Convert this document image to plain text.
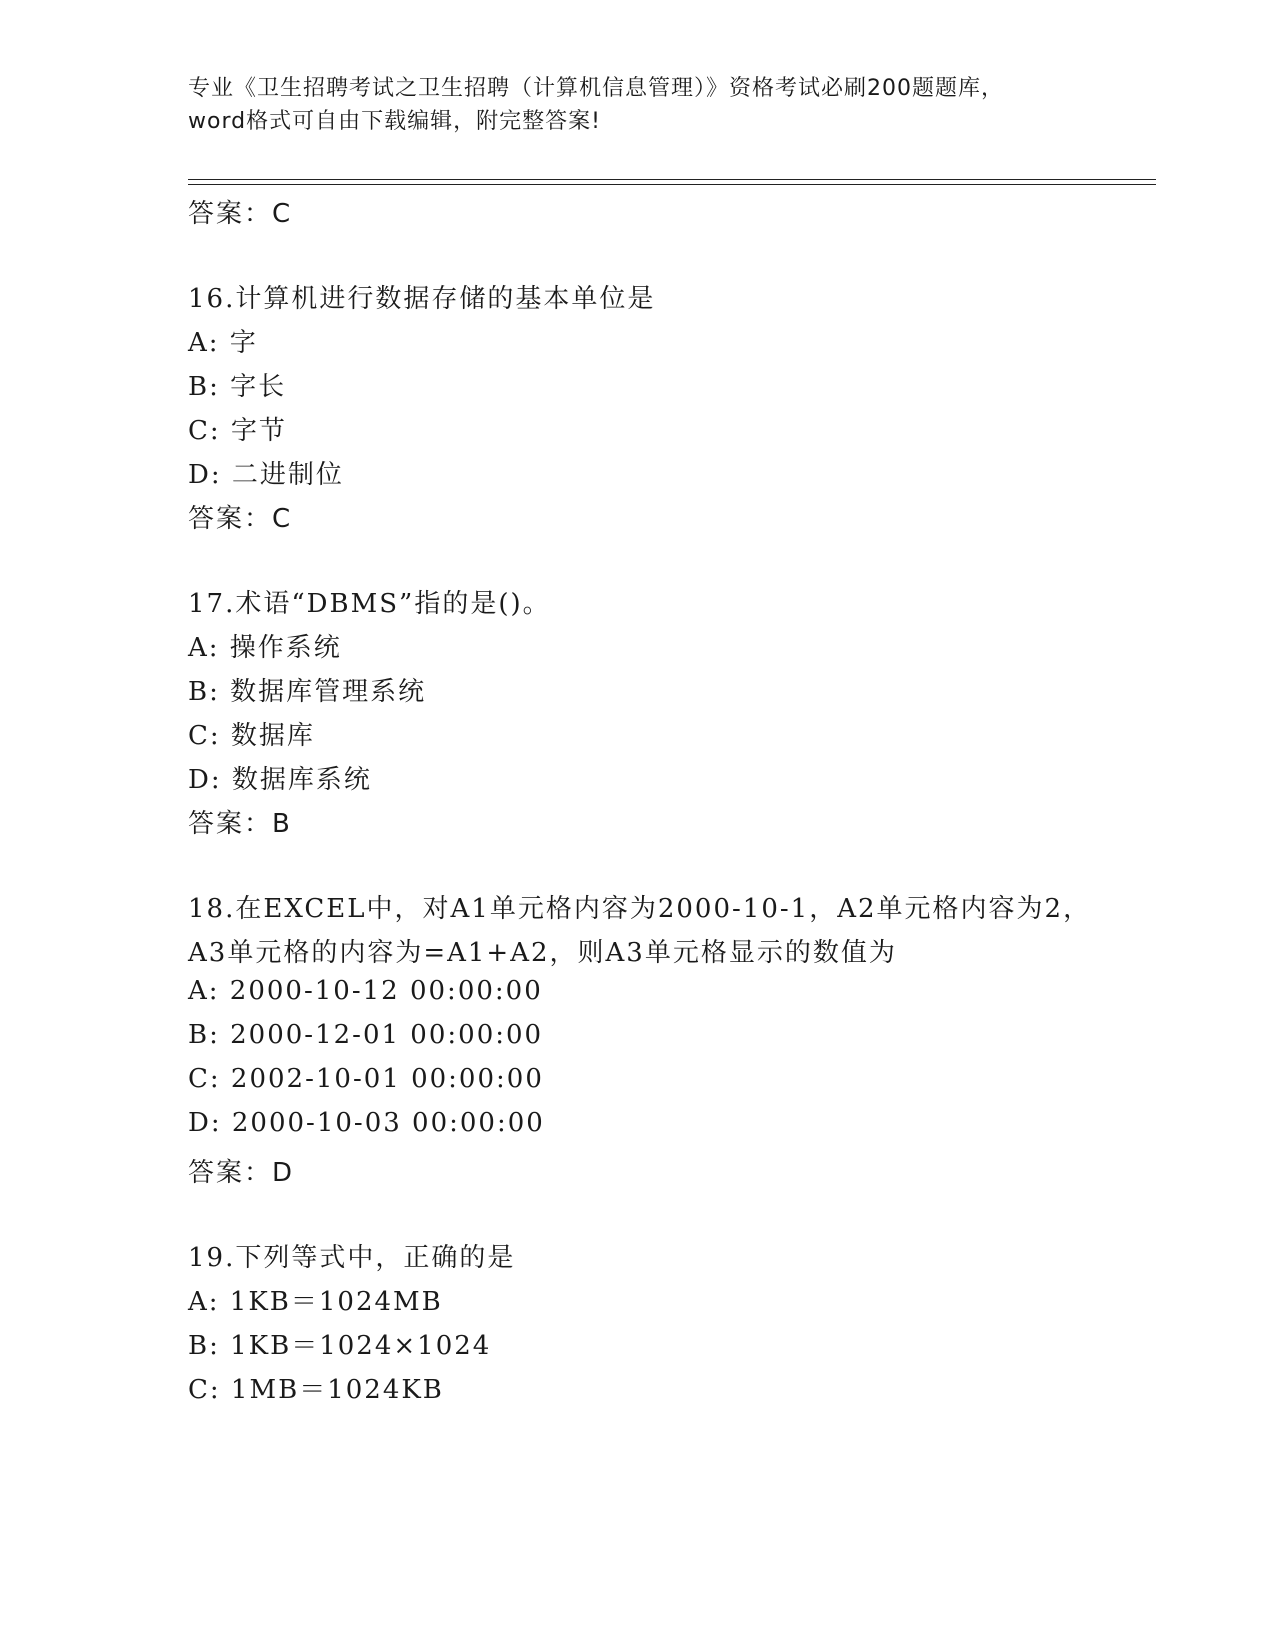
专业《卫生招聘考试之卫生招聘（计算机信息管理）》资格考试必刷200题题库，
word格式可自由下载编辑，附完整答案!
答案：C
16.计算机进行数据存储的基本单位是
A: 字
B: 字长
C: 字节
D: 二进制位
答案：C
17.术语“DBMS”指的是()。
A: 操作系统
B: 数据库管理系统
C: 数据库
D: 数据库系统
答案：B
18.在EXCEL中，对A1单元格内容为2000-10-1，A2单元格内容为2，
A3单元格的内容为=A1+A2，则A3单元格显示的数值为
A: 2000-10-12 00:00:00
B: 2000-12-01 00:00:00
C: 2002-10-01 00:00:00
D: 2000-10-03 00:00:00
答案：D
19.下列等式中，正确的是
A: 1KB＝1024MB
B: 1KB＝1024×1024
C: 1MB＝1024KB
